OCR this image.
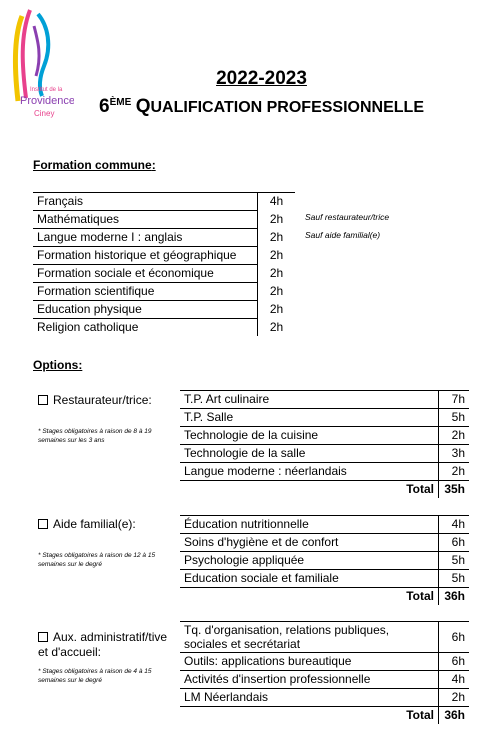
Institut de la
Providence
Ciney
2022-2023
6ÈME QUALIFICATION PROFESSIONNELLE
Formation commune:
Français	4h
Mathématiques	2h
Langue moderne I : anglais	2h
Formation historique et géographique	2h
Formation sociale et économique	2h
Formation scientifique	2h
Education physique	2h
Religion catholique	2h
Sauf restaurateur/trice
Sauf aide familial(e)
Options:
Restaurateur/trice:
* Stages obligatoires à raison de 8 à 19 semaines sur les 3 ans
T.P. Art culinaire	7h
T.P. Salle	5h
Technologie de la cuisine	2h
Technologie de la salle	3h
Langue moderne : néerlandais	2h
Total	35h
Aide familial(e):
* Stages obligatoires à raison de 12 à 15 semaines sur le degré
Éducation nutritionnelle	4h
Soins d'hygiène et de confort	6h
Psychologie appliquée	5h
Education sociale et familiale	5h
Total	36h
Aux. administratif/tive
et d'accueil:
* Stages obligatoires à raison de 4 à 15 semaines sur le degré
Tq. d'organisation, relations publiques, sociales et secrétariat	6h
Outils: applications bureautique	6h
Activités d'insertion professionnelle	4h
LM Néerlandais	2h
Total	36h
